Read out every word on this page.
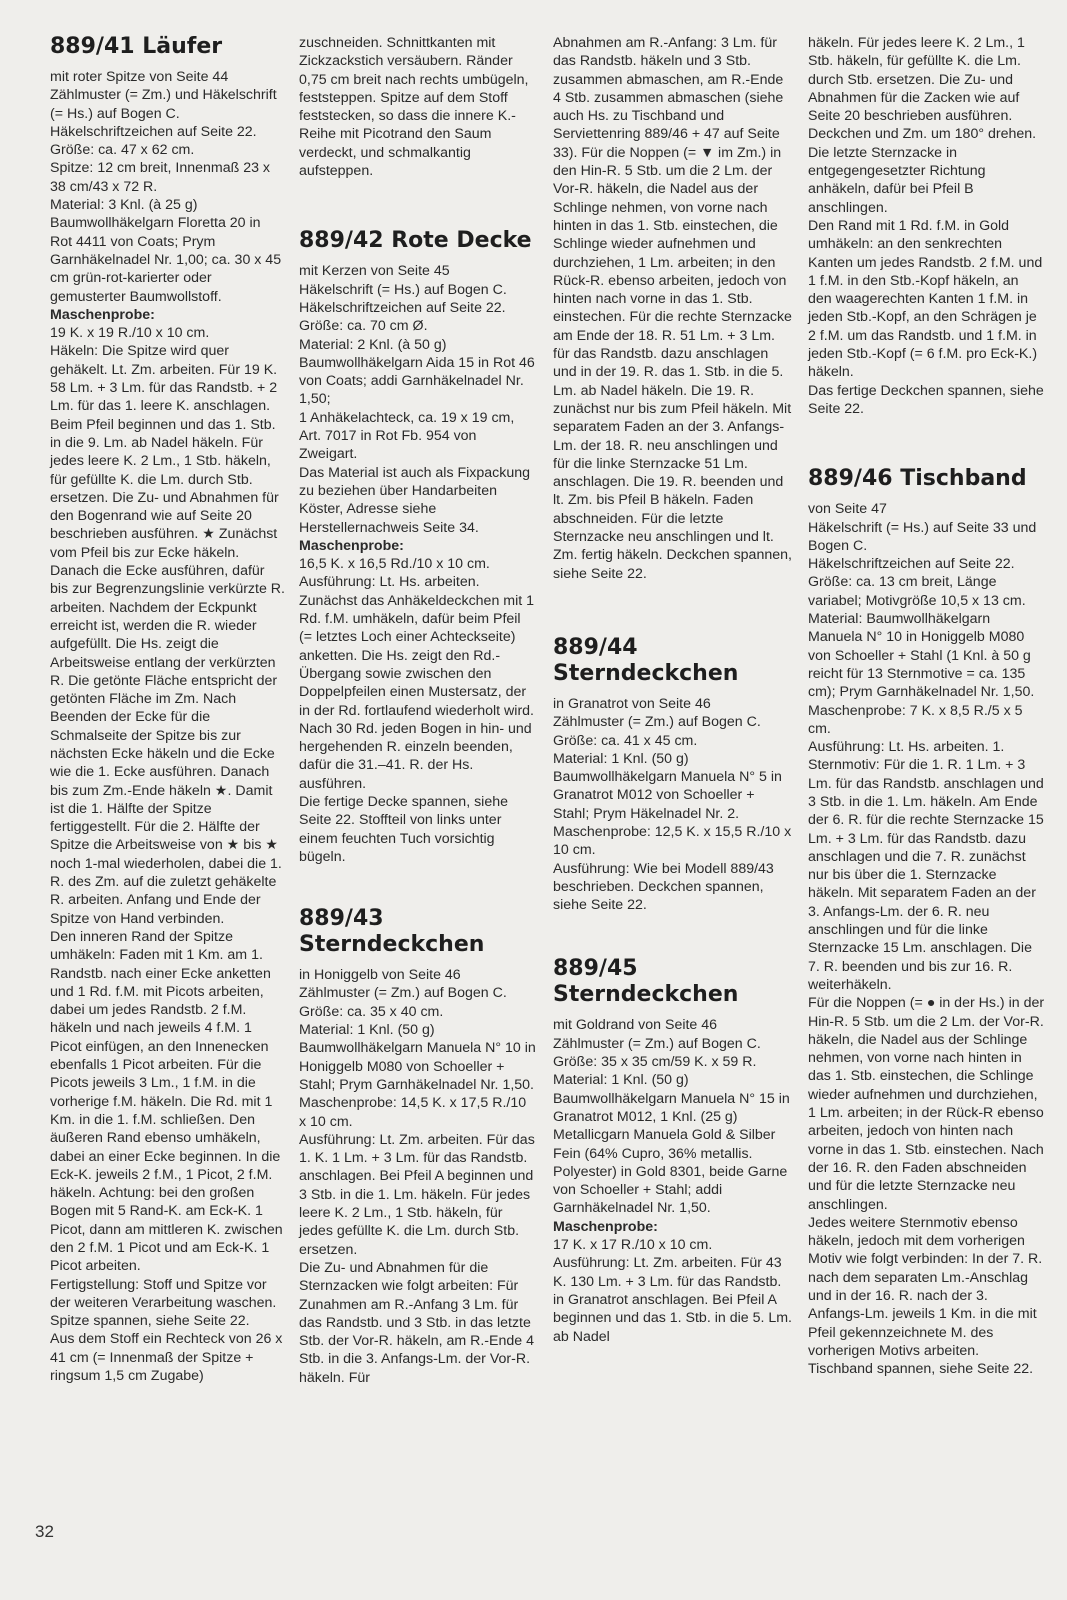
889/41 Läufer

mit roter Spitze von Seite 44

Zählmuster (= Zm.) und Häkelschrift (= Hs.) auf Bogen C.

Häkelschriftzeichen auf Seite 22.

Größe: ca. 47 x 62 cm.

Spitze: 12 cm breit, Innenmaß 23 x 38 cm/43 x 72 R.

Material: 3 Knl. (à 25 g) Baumwollhäkelgarn Floretta 20 in Rot 4411 von Coats; Prym Garnhäkelnadel Nr. 1,00; ca. 30 x 45 cm grün-rot-karierter oder gemusterter Baumwollstoff.

Maschenprobe:

19 K. x 19 R./10 x 10 cm.

Häkeln: Die Spitze wird quer gehäkelt. Lt. Zm. arbeiten. Für 19 K. 58 Lm. + 3 Lm. für das Randstb. + 2 Lm. für das 1. leere K. anschlagen. Beim Pfeil beginnen und das 1. Stb. in die 9. Lm. ab Nadel häkeln. Für jedes leere K. 2 Lm., 1 Stb. häkeln, für gefüllte K. die Lm. durch Stb. ersetzen. Die Zu- und Abnahmen für den Bogenrand wie auf Seite 20 beschrieben ausführen. ★ Zunächst vom Pfeil bis zur Ecke häkeln. Danach die Ecke ausführen, dafür bis zur Begrenzungslinie verkürzte R. arbeiten. Nachdem der Eckpunkt erreicht ist, werden die R. wieder aufgefüllt. Die Hs. zeigt die Arbeitsweise entlang der verkürzten R. Die getönte Fläche entspricht der getönten Fläche im Zm. Nach Beenden der Ecke für die Schmalseite der Spitze bis zur nächsten Ecke häkeln und die Ecke wie die 1. Ecke ausführen. Danach bis zum Zm.-Ende häkeln ★. Damit ist die 1. Hälfte der Spitze fertiggestellt. Für die 2. Hälfte der Spitze die Arbeitsweise von ★ bis ★ noch 1-mal wiederholen, dabei die 1. R. des Zm. auf die zuletzt gehäkelte R. arbeiten. Anfang und Ende der Spitze von Hand verbinden.

Den inneren Rand der Spitze umhäkeln: Faden mit 1 Km. am 1. Randstb. nach einer Ecke anketten und 1 Rd. f.M. mit Picots arbeiten, dabei um jedes Randstb. 2 f.M. häkeln und nach jeweils 4 f.M. 1 Picot einfügen, an den Innenecken ebenfalls 1 Picot arbeiten. Für die Picots jeweils 3 Lm., 1 f.M. in die vorherige f.M. häkeln. Die Rd. mit 1 Km. in die 1. f.M. schließen. Den äußeren Rand ebenso umhäkeln, dabei an einer Ecke beginnen. In die Eck-K. jeweils 2 f.M., 1 Picot, 2 f.M. häkeln. Achtung: bei den großen Bogen mit 5 Rand-K. am Eck-K. 1 Picot, dann am mittleren K. zwischen den 2 f.M. 1 Picot und am Eck-K. 1 Picot arbeiten.

Fertigstellung: Stoff und Spitze vor der weiteren Verarbeitung waschen. Spitze spannen, siehe Seite 22.

Aus dem Stoff ein Rechteck von 26 x 41 cm (= Innenmaß der Spitze + ringsum 1,5 cm Zugabe)

zuschneiden. Schnittkanten mit Zickzackstich versäubern. Ränder 0,75 cm breit nach rechts umbügeln, feststeppen. Spitze auf dem Stoff feststecken, so dass die innere K.-Reihe mit Picotrand den Saum verdeckt, und schmalkantig aufsteppen.

889/42 Rote Decke

mit Kerzen von Seite 45

Häkelschrift (= Hs.) auf Bogen C.

Häkelschriftzeichen auf Seite 22.

Größe: ca. 70 cm Ø.

Material: 2 Knl. (à 50 g) Baumwollhäkelgarn Aida 15 in Rot 46 von Coats; addi Garnhäkelnadel Nr. 1,50;

1 Anhäkelachteck, ca. 19 x 19 cm, Art. 7017 in Rot Fb. 954 von Zweigart.

Das Material ist auch als Fixpackung zu beziehen über Handarbeiten Köster, Adresse siehe Herstellernachweis Seite 34.

Maschenprobe:

16,5 K. x 16,5 Rd./10 x 10 cm.

Ausführung: Lt. Hs. arbeiten. Zunächst das Anhäkeldeckchen mit 1 Rd. f.M. umhäkeln, dafür beim Pfeil (= letztes Loch einer Achteckseite) anketten. Die Hs. zeigt den Rd.-Übergang sowie zwischen den Doppelpfeilen einen Mustersatz, der in der Rd. fortlaufend wiederholt wird. Nach 30 Rd. jeden Bogen in hin- und hergehenden R. einzeln beenden, dafür die 31.–41. R. der Hs. ausführen.

Die fertige Decke spannen, siehe Seite 22. Stoffteil von links unter einem feuchten Tuch vorsichtig bügeln.

889/43 Sterndeckchen

in Honiggelb von Seite 46

Zählmuster (= Zm.) auf Bogen C.

Größe: ca. 35 x 40 cm.

Material: 1 Knl. (50 g) Baumwollhäkelgarn Manuela N° 10 in Honiggelb M080 von Schoeller + Stahl; Prym Garnhäkelnadel Nr. 1,50.

Maschenprobe: 14,5 K. x 17,5 R./10 x 10 cm.

Ausführung: Lt. Zm. arbeiten. Für das 1. K. 1 Lm. + 3 Lm. für das Randstb. anschlagen. Bei Pfeil A beginnen und 3 Stb. in die 1. Lm. häkeln. Für jedes leere K. 2 Lm., 1 Stb. häkeln, für jedes gefüllte K. die Lm. durch Stb. ersetzen.

Die Zu- und Abnahmen für die Sternzacken wie folgt arbeiten: Für Zunahmen am R.-Anfang 3 Lm. für das Randstb. und 3 Stb. in das letzte Stb. der Vor-R. häkeln, am R.-Ende 4 Stb. in die 3. Anfangs-Lm. der Vor-R. häkeln. Für

Abnahmen am R.-Anfang: 3 Lm. für das Randstb. häkeln und 3 Stb. zusammen abmaschen, am R.-Ende 4 Stb. zusammen abmaschen (siehe auch Hs. zu Tischband und Serviettenring 889/46 + 47 auf Seite 33). Für die Noppen (= ▼ im Zm.) in den Hin-R. 5 Stb. um die 2 Lm. der Vor-R. häkeln, die Nadel aus der Schlinge nehmen, von vorne nach hinten in das 1. Stb. einstechen, die Schlinge wieder aufnehmen und durchziehen, 1 Lm. arbeiten; in den Rück-R. ebenso arbeiten, jedoch von hinten nach vorne in das 1. Stb. einstechen. Für die rechte Sternzacke am Ende der 18. R. 51 Lm. + 3 Lm. für das Randstb. dazu anschlagen und in der 19. R. das 1. Stb. in die 5. Lm. ab Nadel häkeln. Die 19. R. zunächst nur bis zum Pfeil häkeln. Mit separatem Faden an der 3. Anfangs-Lm. der 18. R. neu anschlingen und für die linke Sternzacke 51 Lm. anschlagen. Die 19. R. beenden und lt. Zm. bis Pfeil B häkeln. Faden abschneiden. Für die letzte Sternzacke neu anschlingen und lt. Zm. fertig häkeln. Deckchen spannen, siehe Seite 22.

889/44 Sterndeckchen

in Granatrot von Seite 46

Zählmuster (= Zm.) auf Bogen C.

Größe: ca. 41 x 45 cm.

Material: 1 Knl. (50 g) Baumwollhäkelgarn Manuela N° 5 in Granatrot M012 von Schoeller + Stahl; Prym Häkelnadel Nr. 2.

Maschenprobe: 12,5 K. x 15,5 R./10 x 10 cm.

Ausführung: Wie bei Modell 889/43 beschrieben. Deckchen spannen, siehe Seite 22.

889/45 Sterndeckchen

mit Goldrand von Seite 46

Zählmuster (= Zm.) auf Bogen C.

Größe: 35 x 35 cm/59 K. x 59 R.

Material: 1 Knl. (50 g) Baumwollhäkelgarn Manuela N° 15 in Granatrot M012, 1 Knl. (25 g) Metallicgarn Manuela Gold & Silber Fein (64% Cupro, 36% metallis. Polyester) in Gold 8301, beide Garne von Schoeller + Stahl; addi Garnhäkelnadel Nr. 1,50.

Maschenprobe:

17 K. x 17 R./10 x 10 cm.

Ausführung: Lt. Zm. arbeiten. Für 43 K. 130 Lm. + 3 Lm. für das Randstb. in Granatrot anschlagen. Bei Pfeil A beginnen und das 1. Stb. in die 5. Lm. ab Nadel

häkeln. Für jedes leere K. 2 Lm., 1 Stb. häkeln, für gefüllte K. die Lm. durch Stb. ersetzen. Die Zu- und Abnahmen für die Zacken wie auf Seite 20 beschrieben ausführen. Deckchen und Zm. um 180° drehen. Die letzte Sternzacke in entgegengesetzter Richtung anhäkeln, dafür bei Pfeil B anschlingen.

Den Rand mit 1 Rd. f.M. in Gold umhäkeln: an den senkrechten Kanten um jedes Randstb. 2 f.M. und 1 f.M. in den Stb.-Kopf häkeln, an den waagerechten Kanten 1 f.M. in jeden Stb.-Kopf, an den Schrägen je 2 f.M. um das Randstb. und 1 f.M. in jeden Stb.-Kopf (= 6 f.M. pro Eck-K.) häkeln.

Das fertige Deckchen spannen, siehe Seite 22.

889/46 Tischband

von Seite 47

Häkelschrift (= Hs.) auf Seite 33 und Bogen C.

Häkelschriftzeichen auf Seite 22.

Größe: ca. 13 cm breit, Länge variabel; Motivgröße 10,5 x 13 cm.

Material: Baumwollhäkelgarn Manuela N° 10 in Honiggelb M080 von Schoeller + Stahl (1 Knl. à 50 g reicht für 13 Sternmotive = ca. 135 cm); Prym Garnhäkelnadel Nr. 1,50.

Maschenprobe: 7 K. x 8,5 R./5 x 5 cm.

Ausführung: Lt. Hs. arbeiten. 1. Sternmotiv: Für die 1. R. 1 Lm. + 3 Lm. für das Randstb. anschlagen und 3 Stb. in die 1. Lm. häkeln. Am Ende der 6. R. für die rechte Sternzacke 15 Lm. + 3 Lm. für das Randstb. dazu anschlagen und die 7. R. zunächst nur bis über die 1. Sternzacke häkeln. Mit separatem Faden an der 3. Anfangs-Lm. der 6. R. neu anschlingen und für die linke Sternzacke 15 Lm. anschlagen. Die 7. R. beenden und bis zur 16. R. weiterhäkeln.

Für die Noppen (= ● in der Hs.) in der Hin-R. 5 Stb. um die 2 Lm. der Vor-R. häkeln, die Nadel aus der Schlinge nehmen, von vorne nach hinten in das 1. Stb. einstechen, die Schlinge wieder aufnehmen und durchziehen, 1 Lm. arbeiten; in der Rück-R ebenso arbeiten, jedoch von hinten nach vorne in das 1. Stb. einstechen. Nach der 16. R. den Faden abschneiden und für die letzte Sternzacke neu anschlingen.

Jedes weitere Sternmotiv ebenso häkeln, jedoch mit dem vorherigen Motiv wie folgt verbinden: In der 7. R. nach dem separaten Lm.-Anschlag und in der 16. R. nach der 3. Anfangs-Lm. jeweils 1 Km. in die mit Pfeil gekennzeichnete M. des vorherigen Motivs arbeiten. Tischband spannen, siehe Seite 22.

32
